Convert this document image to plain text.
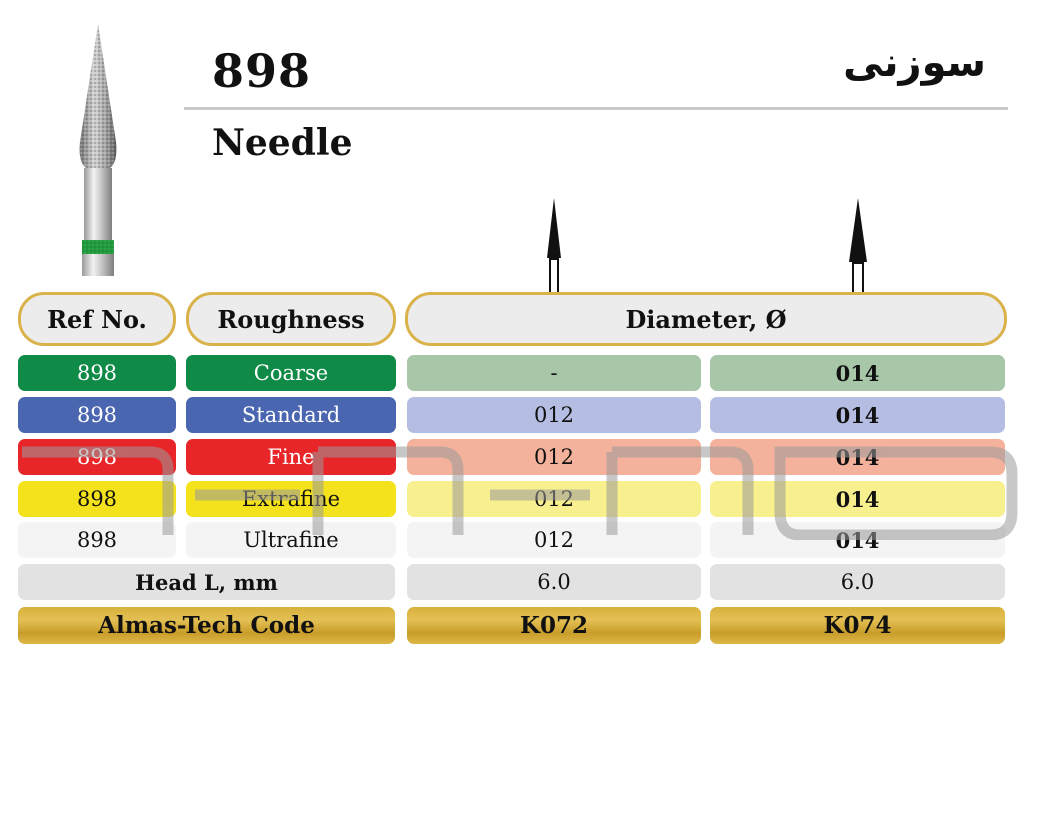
898	سوزنی
Needle
Ref No.	Roughness	Diameter, Ø
898	Coarse	-	014
898	Standard	012	014
898	Fine	012	014
898	Extrafine	012	014
898	Ultrafine	012	014
Head L, mm	6.0	6.0
Almas-Tech Code	K072	K074
